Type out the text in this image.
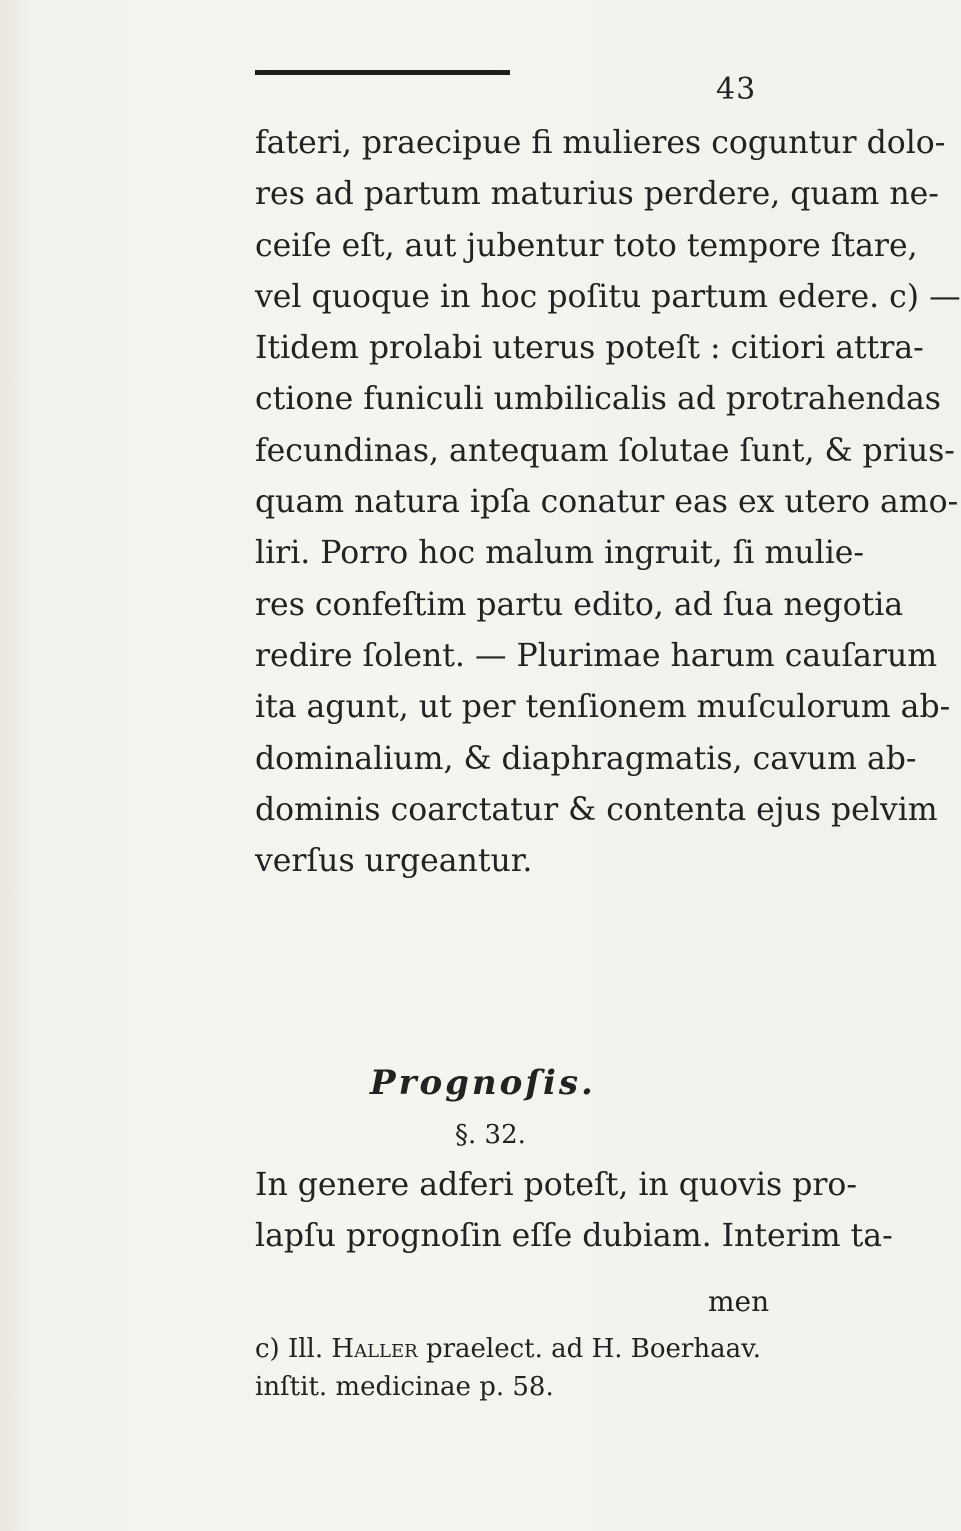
43
fateri, praecipue fi mulieres coguntur dolo-
res ad partum maturius perdere, quam ne-
ceiſe eſt, aut jubentur toto tempore ſtare,
vel quoque in hoc poſitu partum edere. c) —
Itidem prolabi uterus poteſt : citiori attra-
ctione funiculi umbilicalis ad protrahendas
fecundinas, antequam ſolutae ſunt, & prius-
quam natura ipſa conatur eas ex utero amo-
liri. Porro hoc malum ingruit, ſi mulie-
res confeſtim partu edito, ad ſua negotia
redire ſolent. — Plurimae harum cauſarum
ita agunt, ut per tenſionem muſculorum ab-
dominalium, & diaphragmatis, cavum ab-
dominis coarctatur & contenta ejus pelvim
verſus urgeantur.
Prognoſis.
§. 32.
In genere adferi poteſt, in quovis pro-
lapſu prognoſin eſſe dubiam. Interim ta-
men
c) Ill. Haller praelect. ad H. Boerhaav.
inſtit. medicinae p. 58.
